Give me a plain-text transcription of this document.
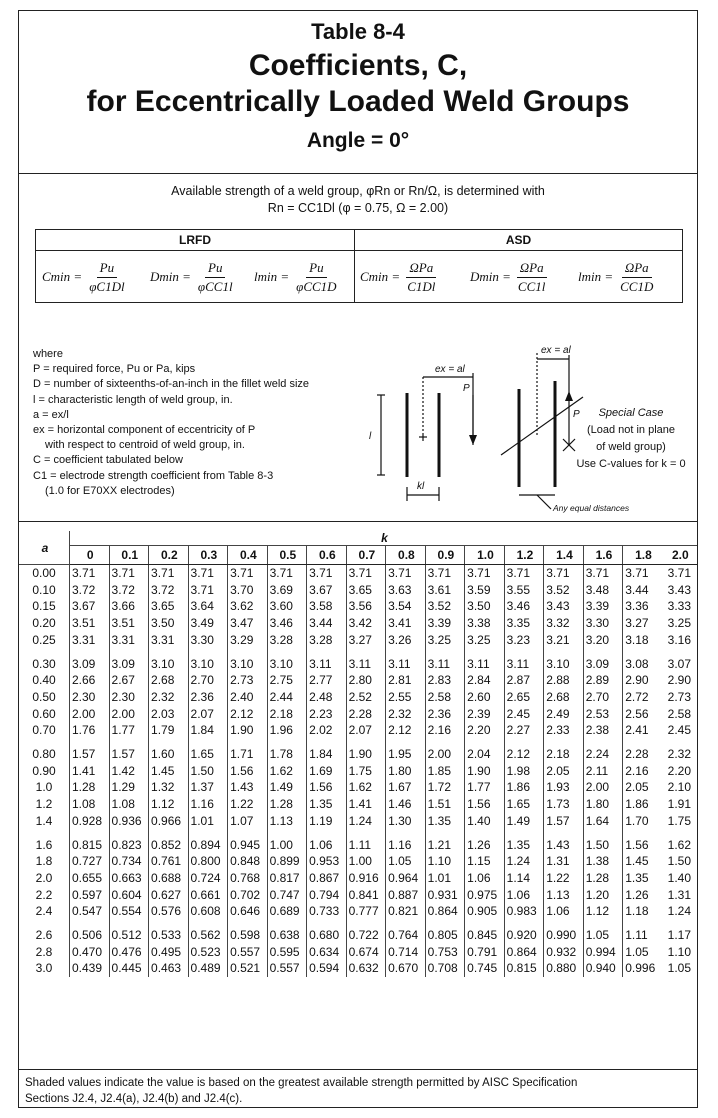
Table 8-4
Coefficients, C,
for Eccentrically Loaded Weld Groups
Angle = 0°
Available strength of a weld group, φRn or Rn/Ω, is determined with
Rn = CC1Dl (φ = 0.75, Ω = 2.00)
LRFD	ASD
$Cmin = \frac{Pu}{\varphi C1Dl}$ $Dmin = \frac{Pu}{\text{φCC1l}}$ $lmin = \frac{Pu}{\text{φCC1D}}$ $Cmin = \frac{\text{ΩPa}}{C1Dl}$ $Dmin = \frac{\text{ΩPa}}{CC1l}$ $lmin = \frac{\text{ΩPa}}{CC1D}$
where
P = required force, Pu or Pa, kips
D = number of sixteenths-of-an-inch in the fillet weld size
l = characteristic length of weld group, in.
a = ex/l
ex = horizontal component of eccentricity of P
with respect to centroid of weld group, in.
C = coefficient tabulated below
C1 = electrode strength coefficient from Table 8-3
(1.0 for E70XX electrodes)
ex = al
P
l
kl
ex = al
P
Any equal distances
Special Case
(Load not in plane
of weld group)
Use C-values for k = 0
a	k															
	0	0.1	0.2	0.3	0.4	0.5	0.6	0.7	0.8	0.9	1.0	1.2	1.4	1.6	1.8	2.0
0.00	3.71	3.71	3.71	3.71	3.71	3.71	3.71	3.71	3.71	3.71	3.71	3.71	3.71	3.71	3.71	3.71
0.10	3.72	3.72	3.72	3.71	3.70	3.69	3.67	3.65	3.63	3.61	3.59	3.55	3.52	3.48	3.44	3.43
0.15	3.67	3.66	3.65	3.64	3.62	3.60	3.58	3.56	3.54	3.52	3.50	3.46	3.43	3.39	3.36	3.33
0.20	3.51	3.51	3.50	3.49	3.47	3.46	3.44	3.42	3.41	3.39	3.38	3.35	3.32	3.30	3.27	3.25
0.25	3.31	3.31	3.31	3.30	3.29	3.28	3.28	3.27	3.26	3.25	3.25	3.23	3.21	3.20	3.18	3.16

0.30	3.09	3.09	3.10	3.10	3.10	3.10	3.11	3.11	3.11	3.11	3.11	3.11	3.10	3.09	3.08	3.07
0.40	2.66	2.67	2.68	2.70	2.73	2.75	2.77	2.80	2.81	2.83	2.84	2.87	2.88	2.89	2.90	2.90
0.50	2.30	2.30	2.32	2.36	2.40	2.44	2.48	2.52	2.55	2.58	2.60	2.65	2.68	2.70	2.72	2.73
0.60	2.00	2.00	2.03	2.07	2.12	2.18	2.23	2.28	2.32	2.36	2.39	2.45	2.49	2.53	2.56	2.58
0.70	1.76	1.77	1.79	1.84	1.90	1.96	2.02	2.07	2.12	2.16	2.20	2.27	2.33	2.38	2.41	2.45

0.80	1.57	1.57	1.60	1.65	1.71	1.78	1.84	1.90	1.95	2.00	2.04	2.12	2.18	2.24	2.28	2.32
0.90	1.41	1.42	1.45	1.50	1.56	1.62	1.69	1.75	1.80	1.85	1.90	1.98	2.05	2.11	2.16	2.20
1.0	1.28	1.29	1.32	1.37	1.43	1.49	1.56	1.62	1.67	1.72	1.77	1.86	1.93	2.00	2.05	2.10
1.2	1.08	1.08	1.12	1.16	1.22	1.28	1.35	1.41	1.46	1.51	1.56	1.65	1.73	1.80	1.86	1.91
1.4	0.928	0.936	0.966	1.01	1.07	1.13	1.19	1.24	1.30	1.35	1.40	1.49	1.57	1.64	1.70	1.75

1.6	0.815	0.823	0.852	0.894	0.945	1.00	1.06	1.11	1.16	1.21	1.26	1.35	1.43	1.50	1.56	1.62
1.8	0.727	0.734	0.761	0.800	0.848	0.899	0.953	1.00	1.05	1.10	1.15	1.24	1.31	1.38	1.45	1.50
2.0	0.655	0.663	0.688	0.724	0.768	0.817	0.867	0.916	0.964	1.01	1.06	1.14	1.22	1.28	1.35	1.40
2.2	0.597	0.604	0.627	0.661	0.702	0.747	0.794	0.841	0.887	0.931	0.975	1.06	1.13	1.20	1.26	1.31
2.4	0.547	0.554	0.576	0.608	0.646	0.689	0.733	0.777	0.821	0.864	0.905	0.983	1.06	1.12	1.18	1.24

2.6	0.506	0.512	0.533	0.562	0.598	0.638	0.680	0.722	0.764	0.805	0.845	0.920	0.990	1.05	1.11	1.17
2.8	0.470	0.476	0.495	0.523	0.557	0.595	0.634	0.674	0.714	0.753	0.791	0.864	0.932	0.994	1.05	1.10
3.0	0.439	0.445	0.463	0.489	0.521	0.557	0.594	0.632	0.670	0.708	0.745	0.815	0.880	0.940	0.996	1.05
Shaded values indicate the value is based on the greatest available strength permitted by AISC Specification
Sections J2.4, J2.4(a), J2.4(b) and J2.4(c).
